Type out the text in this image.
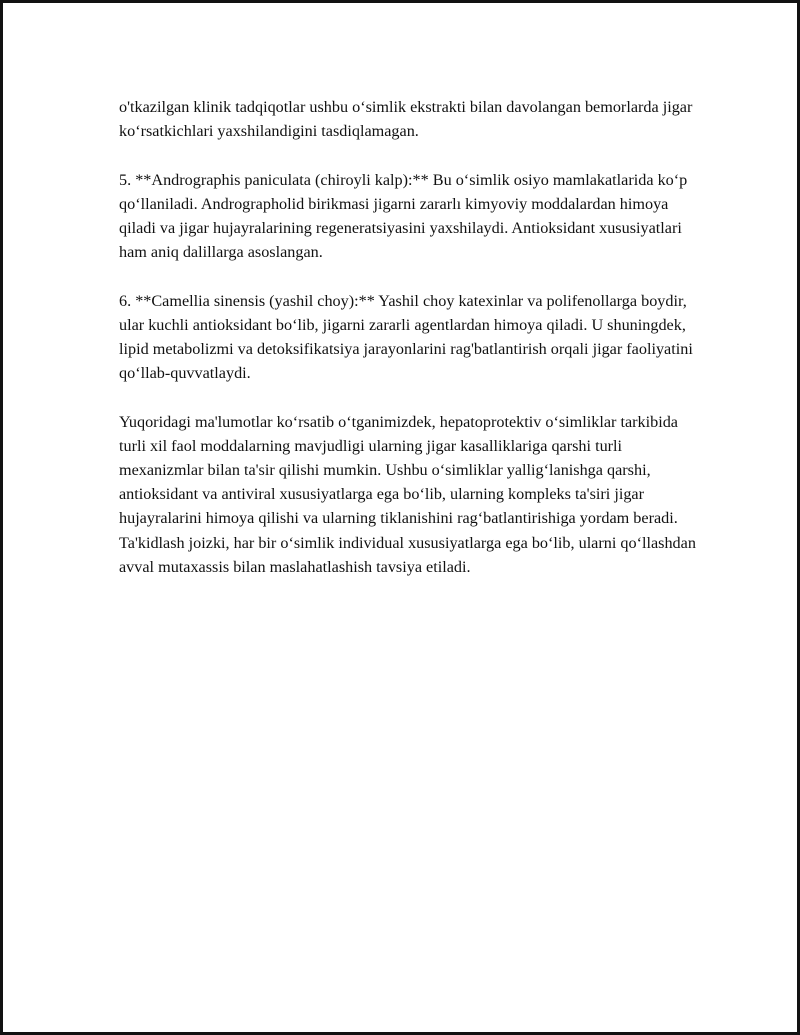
o'tkazilgan klinik tadqiqotlar ushbu oʻsimlik ekstrakti bilan davolangan bemorlarda jigar koʻrsatkichlari yaxshilandigini tasdiqlamagan.

5. **Andrographis paniculata (chiroyli kalp):** Bu oʻsimlik osiyo mamlakatlarida koʻp qoʻllaniladi. Andrographolid birikmasi jigarni zararlı kimyoviy moddalardan himoya qiladi va jigar hujayralarining regeneratsiyasini yaxshilaydi. Antioksidant xususiyatlari ham aniq dalillarga asoslangan.

6. **Camellia sinensis (yashil choy):** Yashil choy katexinlar va polifenollarga boydir, ular kuchli antioksidant boʻlib, jigarni zararli agentlardan himoya qiladi. U shuningdek, lipid metabolizmi va detoksifikatsiya jarayonlarini rag'batlantirish orqali jigar faoliyatini qoʻllab-quvvatlaydi.

Yuqoridagi ma'lumotlar koʻrsatib oʻtganimizdek, hepatoprotektiv oʻsimliklar tarkibida turli xil faol moddalarning mavjudligi ularning jigar kasalliklariga qarshi turli mexanizmlar bilan ta'sir qilishi mumkin. Ushbu oʻsimliklar yalligʻlanishga qarshi, antioksidant va antiviral xususiyatlarga ega boʻlib, ularning kompleks ta'siri jigar hujayralarini himoya qilishi va ularning tiklanishini ragʻbatlantirishiga yordam beradi. Ta'kidlash joizki, har bir oʻsimlik individual xususiyatlarga ega boʻlib, ularni qoʻllashdan avval mutaxassis bilan maslahatlashish tavsiya etiladi.
